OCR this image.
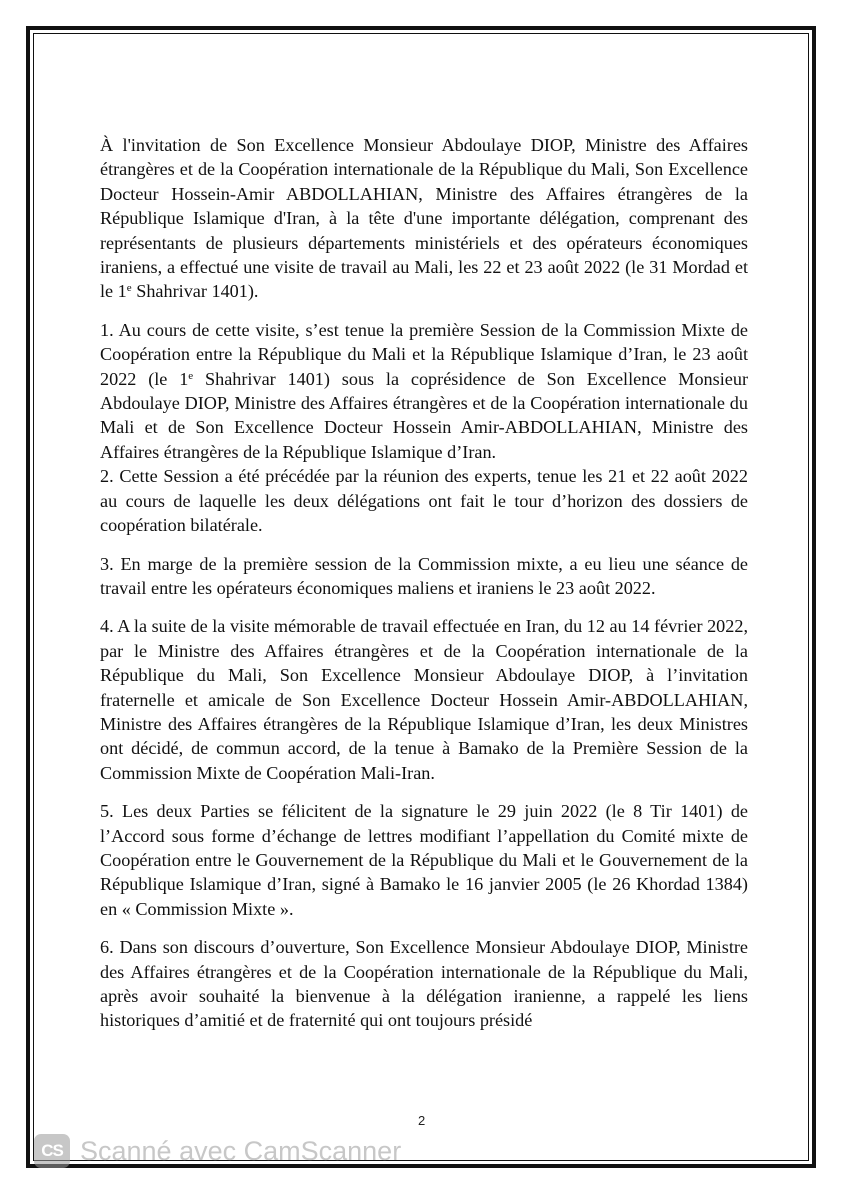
À l'invitation de Son Excellence Monsieur Abdoulaye DIOP, Ministre des Affaires étrangères et de la Coopération internationale de la République du Mali, Son Excellence Docteur Hossein-Amir ABDOLLAHIAN, Ministre des Affaires étrangères de la République Islamique d'Iran, à la tête d'une importante délégation, comprenant des représentants de plusieurs départements ministériels et des opérateurs économiques iraniens, a effectué une visite de travail au Mali, les 22 et 23 août 2022 (le 31 Mordad et le 1e Shahrivar 1401).

1. Au cours de cette visite, s’est tenue la première Session de la Commission Mixte de Coopération entre la République du Mali et la République Islamique d’Iran, le 23 août 2022 (le 1e Shahrivar 1401) sous la coprésidence de Son Excellence Monsieur Abdoulaye DIOP, Ministre des Affaires étrangères et de la Coopération internationale du Mali et de Son Excellence Docteur Hossein Amir-ABDOLLAHIAN, Ministre des Affaires étrangères de la République Islamique d’Iran.

2. Cette Session a été précédée par la réunion des experts, tenue les 21 et 22 août 2022 au cours de laquelle les deux délégations ont fait le tour d’horizon des dossiers de coopération bilatérale.

3. En marge de la première session de la Commission mixte, a eu lieu une séance de travail entre les opérateurs économiques maliens et iraniens le 23 août 2022.

4. A la suite de la visite mémorable de travail effectuée en Iran, du 12 au 14 février 2022, par le Ministre des Affaires étrangères et de la Coopération internationale de la République du Mali, Son Excellence Monsieur Abdoulaye DIOP, à l’invitation fraternelle et amicale de Son Excellence Docteur Hossein Amir-ABDOLLAHIAN, Ministre des Affaires étrangères de la République Islamique d’Iran, les deux Ministres ont décidé, de commun accord, de la tenue à Bamako de la Première Session de la Commission Mixte de Coopération Mali-Iran.

5. Les deux Parties se félicitent de la signature le 29 juin 2022 (le 8 Tir 1401) de l’Accord sous forme d’échange de lettres modifiant l’appellation du Comité mixte de Coopération entre le Gouvernement de la République du Mali et le Gouvernement de la République Islamique d’Iran, signé à Bamako le 16 janvier 2005 (le 26 Khordad 1384) en « Commission Mixte ».

6. Dans son discours d’ouverture, Son Excellence Monsieur Abdoulaye DIOP, Ministre des Affaires étrangères et de la Coopération internationale de la République du Mali, après avoir souhaité la bienvenue à la délégation iranienne, a rappelé les liens historiques d’amitié et de fraternité qui ont toujours présidé

2
CS Scanné avec CamScanner
